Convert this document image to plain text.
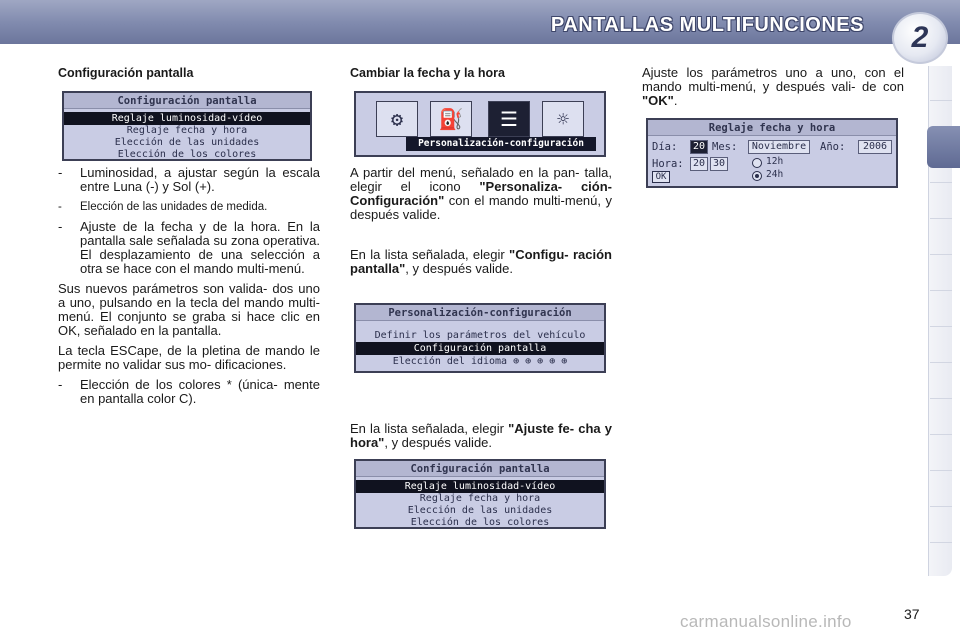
PANTALLAS MULTIFUNCIONES 2
Configuración pantalla
Configuración pantalla
Reglaje luminosidad-vídeo
Reglaje fecha y hora
Elección de las unidades
Elección de los colores
- Luminosidad, a ajustar según la escala entre Luna (-) y Sol (+).
- Elección de las unidades de medida.
- Ajuste de la fecha y de la hora. En la pantalla sale señalada su zona operativa. El desplazamiento de una selección a otra se hace con el mando multi-menú.

Sus nuevos parámetros son valida- dos uno a uno, pulsando en la tecla del mando multi-menú. El conjunto se graba si hace clic en OK, señalado en la pantalla.

La tecla ESCape, de la pletina de mando le permite no validar sus mo- dificaciones.

- Elección de los colores * (única- mente en pantalla color C).
Cambiar la fecha y la hora
⚙	⛽	☰	☼
Personalización-configuración

A partir del menú, señalado en la pan- talla, elegir el icono "Personaliza- ción-Configuración" con el mando multi-menú, y después valide.

En la lista señalada, elegir "Configu- ración pantalla", y después valide.

Personalización-configuración
Definir los parámetros del vehículo
Configuración pantalla
Elección del idioma ⊕ ⊕ ⊕ ⊕ ⊕

En la lista señalada, elegir "Ajuste fe- cha y hora", y después valide.

Configuración pantalla
Reglaje luminosidad-vídeo
Reglaje fecha y hora
Elección de las unidades
Elección de los colores

Ajuste los parámetros uno a uno, con el mando multi-menú, y después vali- de con "OK".

Reglaje fecha y hora
Día: 20 Mes:	Noviembre	Año:	2006
Hora: 20 30	12h
24h
OK
carmanualsonline.info	37
